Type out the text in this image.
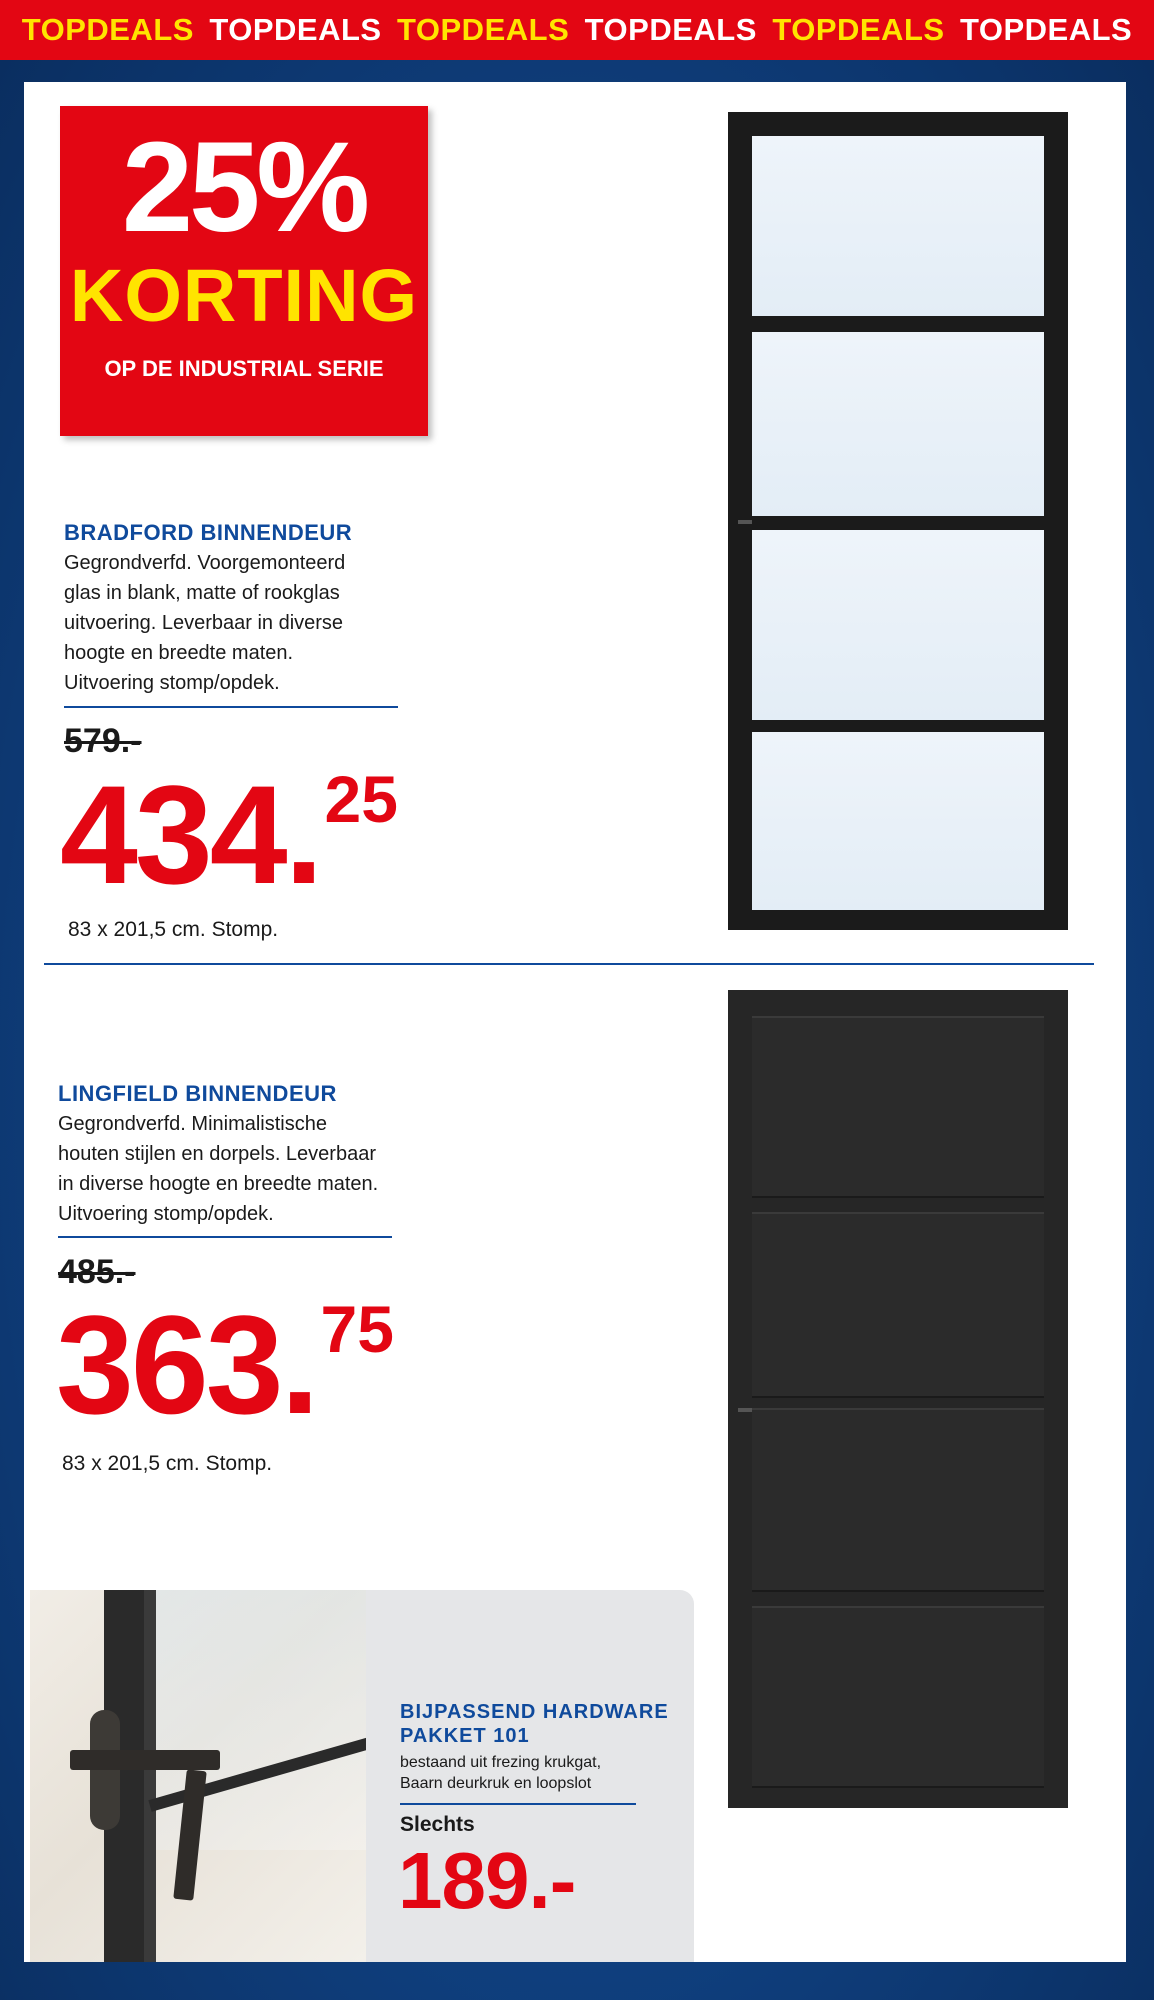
TOPDEALS TOPDEALS TOPDEALS TOPDEALS TOPDEALS TOPDEALS
25%
KORTING
OP DE INDUSTRIAL SERIE
BRADFORD BINNENDEUR
Gegrondverfd. Voorgemonteerd
glas in blank, matte of rookglas
uitvoering. Leverbaar in diverse
hoogte en breedte maten.
Uitvoering stomp/opdek.
579.-
434. 25
83 x 201,5 cm. Stomp.
LINGFIELD BINNENDEUR
Gegrondverfd. Minimalistische
houten stijlen en dorpels. Leverbaar
in diverse hoogte en breedte maten.
Uitvoering stomp/opdek.
485.-
363. 75
83 x 201,5 cm. Stomp.
BIJPASSEND HARDWARE
PAKKET 101
bestaand uit frezing krukgat,
Baarn deurkruk en loopslot
Slechts
189.-
